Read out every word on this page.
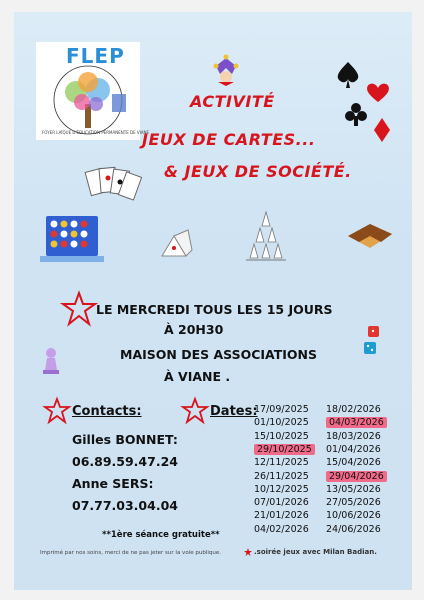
FLEP
FOYER LAÏQUE D'ÉDUCATION PERMANENTE DE VIANE
ACTIVITÉ
JEUX DE CARTES...
& JEUX DE SOCIÉTÉ.
LE MERCREDI TOUS LES 15 JOURS
À 20H30
MAISON DES ASSOCIATIONS
À VIANE .
Contacts:
Gilles BONNET:
06.89.59.47.24
Anne SERS:
07.77.03.04.04
**1ère séance gratuite**
Dates:
17/09/2025
01/10/2025
15/10/2025
29/10/2025
12/11/2025
26/11/2025
10/12/2025
07/01/2026
21/01/2026
04/02/2026
18/02/2026
04/03/2026
18/03/2026
01/04/2026
15/04/2026
29/04/2026
13/05/2026
27/05/2026
10/06/2026
24/06/2026
Imprimé par nos soins, merci de ne pas jeter sur la voie publique.	.soirée jeux avec Milan Badian.
